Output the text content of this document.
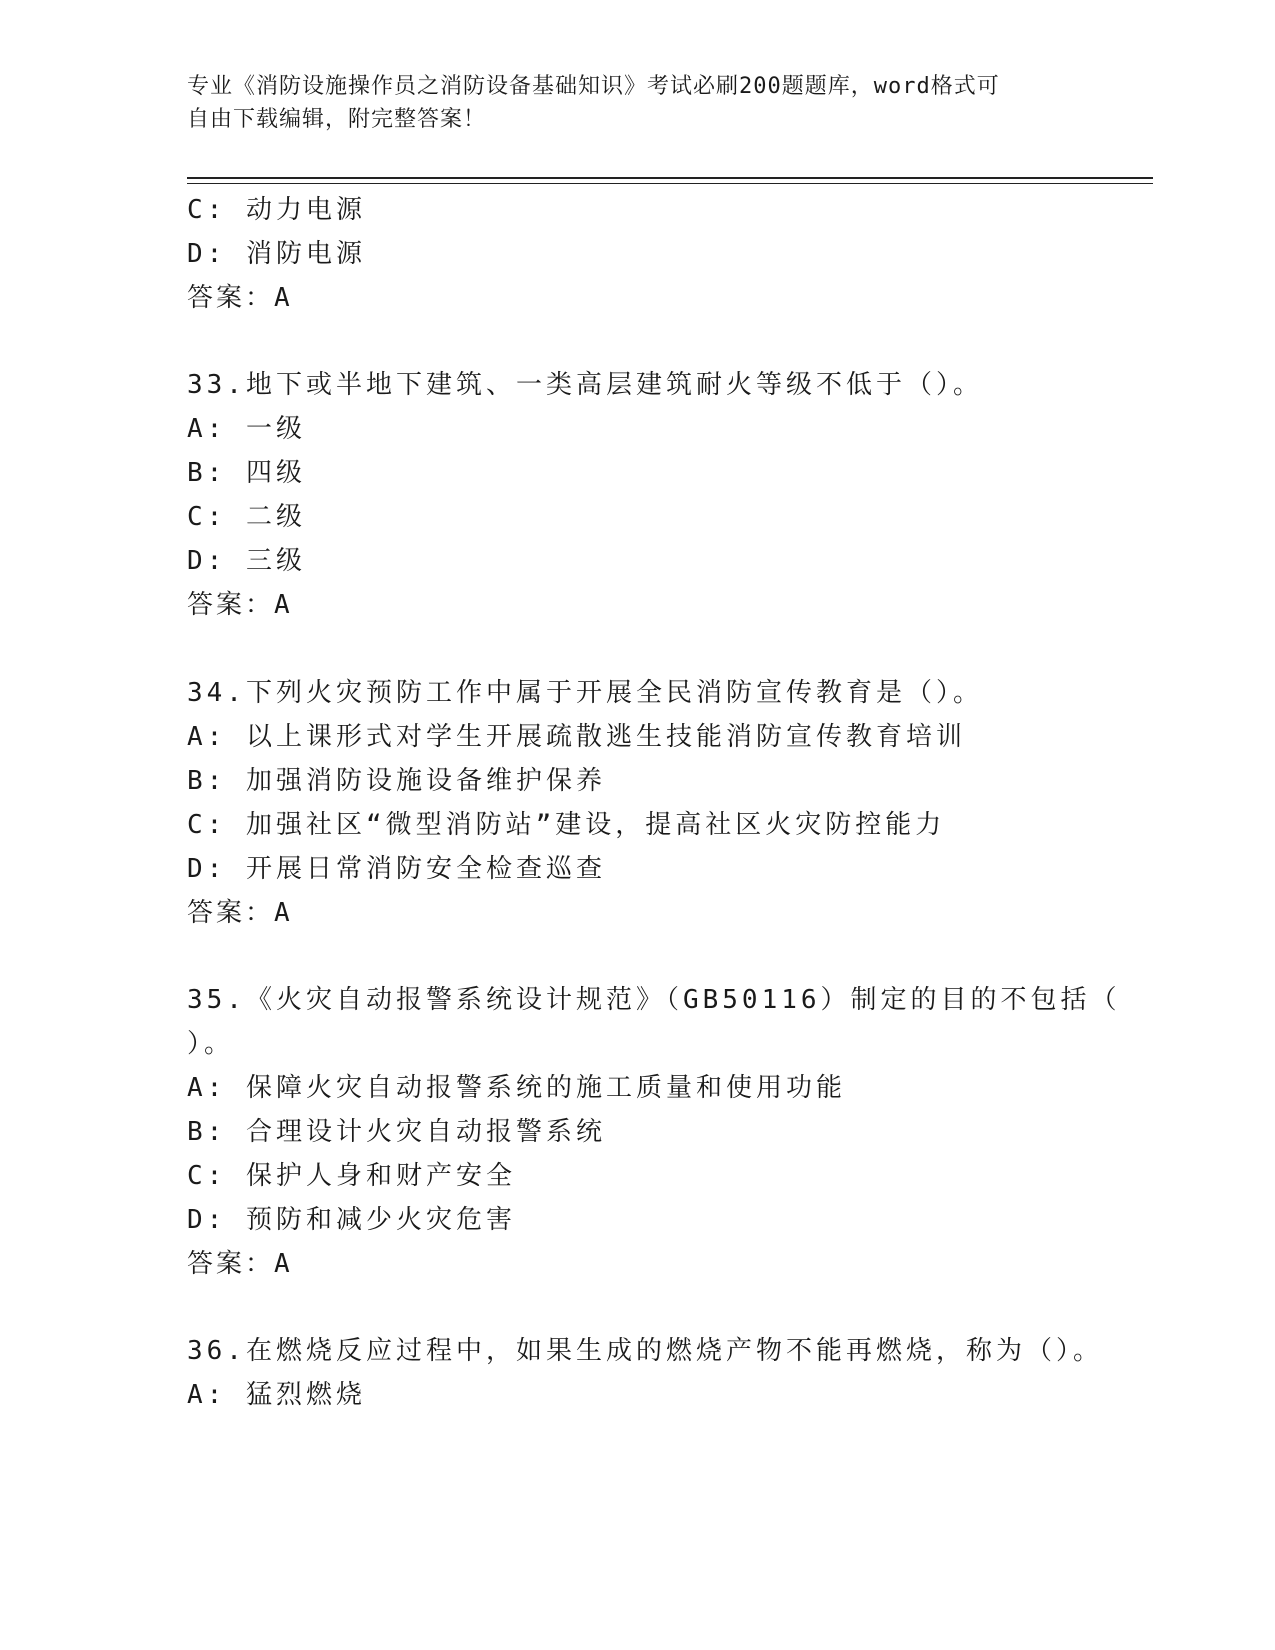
专业《消防设施操作员之消防设备基础知识》考试必刷200题题库，word格式可
自由下载编辑，附完整答案！
C: 动力电源
D: 消防电源
答案：A
33.地下或半地下建筑、一类高层建筑耐火等级不低于（）。
A: 一级
B: 四级
C: 二级
D: 三级
答案：A
34.下列火灾预防工作中属于开展全民消防宣传教育是（）。
A: 以上课形式对学生开展疏散逃生技能消防宣传教育培训
B: 加强消防设施设备维护保养
C: 加强社区“微型消防站”建设，提高社区火灾防控能力
D: 开展日常消防安全检查巡查
答案：A
35.《火灾自动报警系统设计规范》（GB50116）制定的目的不包括（
）。
A: 保障火灾自动报警系统的施工质量和使用功能
B: 合理设计火灾自动报警系统
C: 保护人身和财产安全
D: 预防和减少火灾危害
答案：A
36.在燃烧反应过程中，如果生成的燃烧产物不能再燃烧，称为（）。
A: 猛烈燃烧
